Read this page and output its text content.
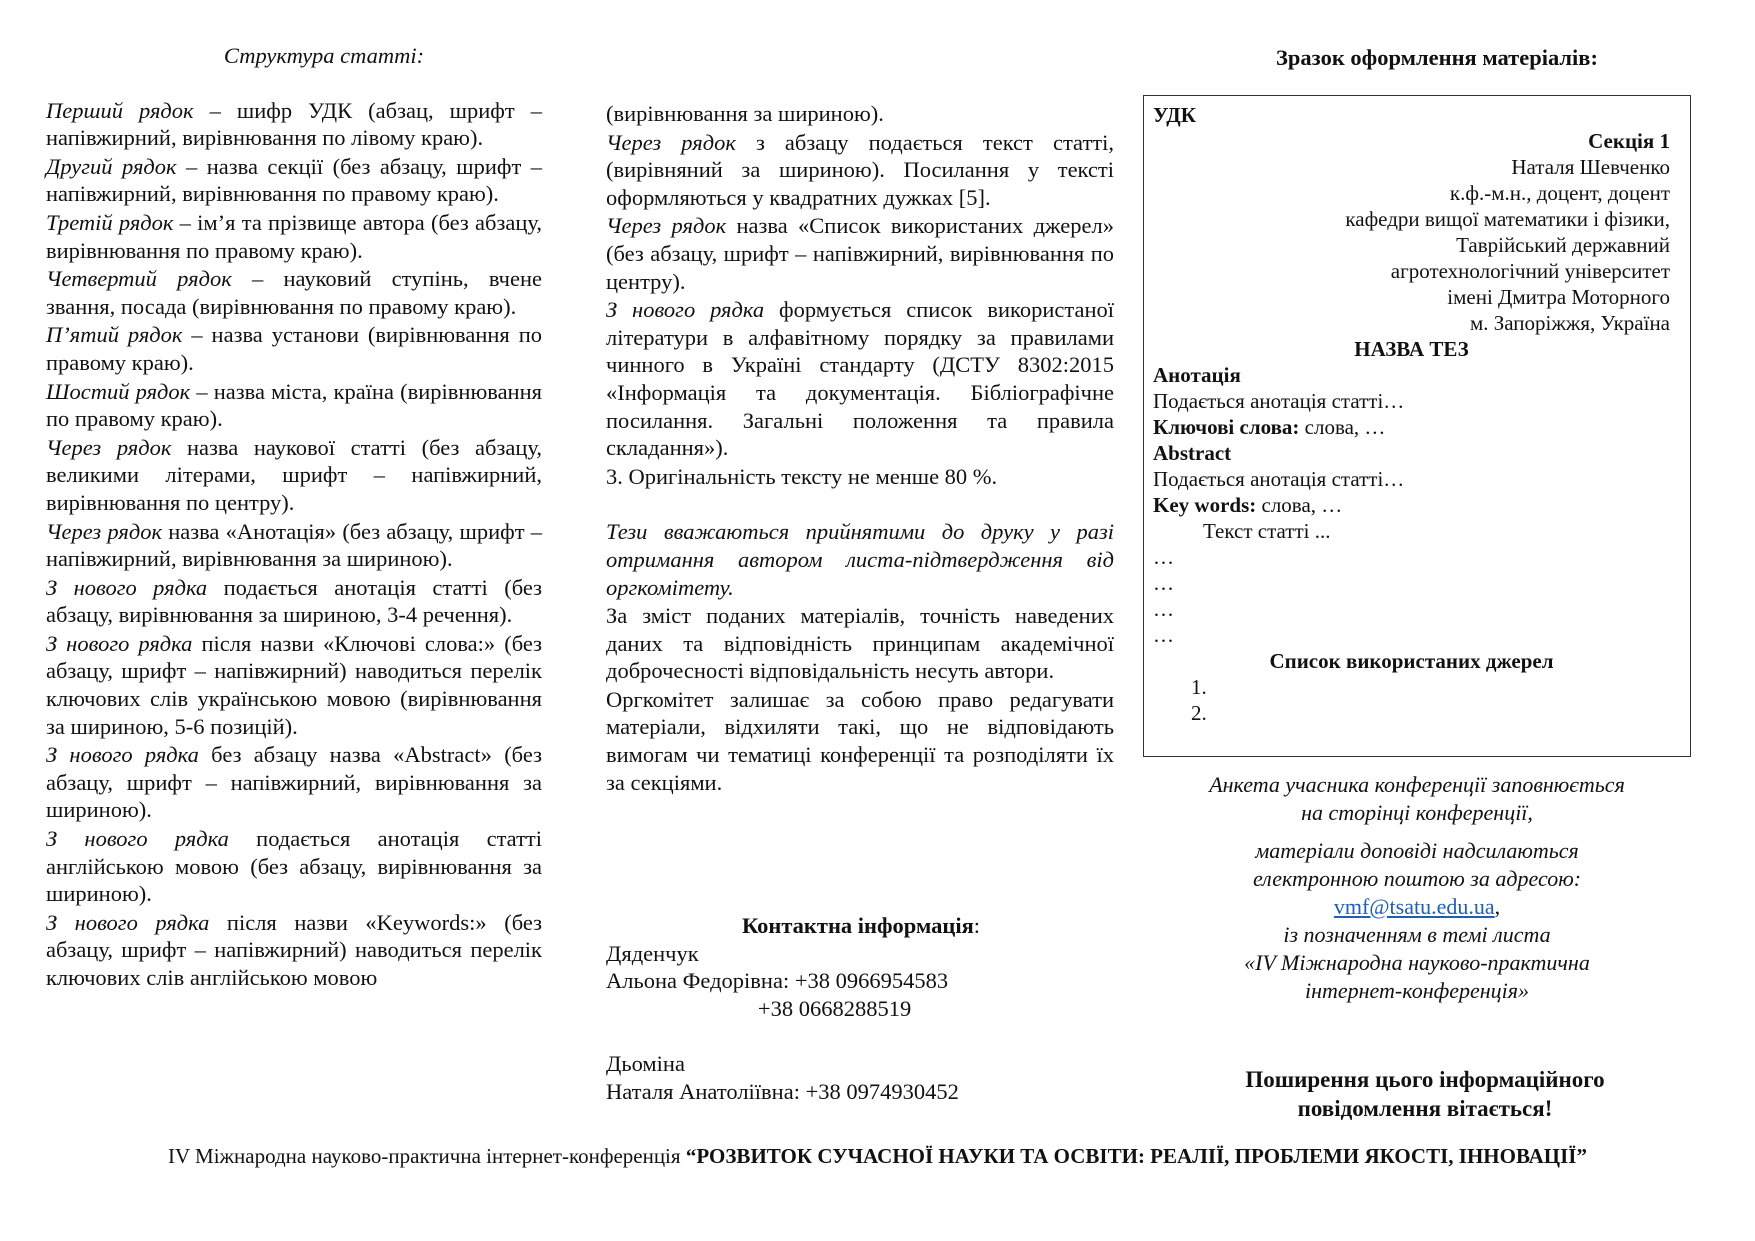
Структура статті:

Перший рядок – шифр УДК (абзац, шрифт – напівжирний, вирівнювання по лівому краю).

Другий рядок – назва секції (без абзацу, шрифт – напівжирний, вирівнювання по правому краю).

Третій рядок – ім’я та прізвище автора (без абзацу, вирівнювання по правому краю).

Четвертий рядок – науковий ступінь, вчене звання, посада (вирівнювання по правому краю).

П’ятий рядок – назва установи (вирівнювання по правому краю).

Шостий рядок – назва міста, країна (вирівнювання по правому краю).

Через рядок назва наукової статті (без абзацу, великими літерами, шрифт – напівжирний, вирівнювання по центру).

Через рядок назва «Анотація» (без абзацу, шрифт – напівжирний, вирівнювання за шириною).

З нового рядка подається анотація статті (без абзацу, вирівнювання за шириною, 3-4 речення).

З нового рядка після назви «Ключові слова:» (без абзацу, шрифт – напівжирний) наводиться перелік ключових слів українською мовою (вирівнювання за шириною, 5-6 позицій).

З нового рядка без абзацу назва «Abstract» (без абзацу, шрифт – напівжирний, вирівнювання за шириною).

З нового рядка подається анотація статті англійською мовою (без абзацу, вирівнювання за шириною).

З нового рядка після назви «Keywords:» (без абзацу, шрифт – напівжирний) наводиться перелік ключових слів англійською мовою

(вирівнювання за шириною).

Через рядок з абзацу подається текст статті, (вирівняний за шириною). Посилання у тексті оформляються у квадратних дужках [5].

Через рядок назва «Список використаних джерел» (без абзацу, шрифт – напівжирний, вирівнювання по центру).

З нового рядка формується список використаної літератури в алфавітному порядку за правилами чинного в Україні стандарту (ДСТУ 8302:2015 «Інформація та документація. Бібліографічне посилання. Загальні положення та правила складання»).

3. Оригінальність тексту не менше 80 %.

Тези вважаються прийнятими до друку у разі отримання автором листа-підтвердження від оргкомітету.

За зміст поданих матеріалів, точність наведених даних та відповідність принципам академічної доброчесності відповідальність несуть автори.

Оргкомітет залишає за собою право редагувати матеріали, відхиляти такі, що не відповідають вимогам чи тематиці конференції та розподіляти їх за секціями.

Контактна інформація:
Дяденчук
Альона Федорівна: +38 0966954583
+38 0668288519

Дьоміна
Наталя Анатоліївна: +38 0974930452
Зразок оформлення матеріалів:
УДК
Секція 1
Наталя Шевченко
к.ф.-м.н., доцент, доцент
кафедри вищої математики і фізики,
Таврійський державний
агротехнологічний університет
імені Дмитра Моторного
м. Запоріжжя, Україна
НАЗВА ТЕЗ
Анотація
Подається анотація статті…
Ключові слова: слова, …
Abstract
Подається анотація статті…
Key words: слова, …
Текст статті ...
…
…
…
…
Список використаних джерел
1.
2.
Анкета учасника конференції заповнюється
на сторінці конференції,
матеріали доповіді надсилаються
електронною поштою за адресою:
vmf@tsatu.edu.ua,
із позначенням в темі листа
«IV Міжнародна науково-практична
інтернет-конференція»
Поширення цього інформаційного
повідомлення вітається!
IV Міжнародна науково-практична інтернет-конференція “РОЗВИТОК СУЧАСНОЇ НАУКИ ТА ОСВІТИ: РЕАЛІЇ, ПРОБЛЕМИ ЯКОСТІ, ІННОВАЦІЇ”
